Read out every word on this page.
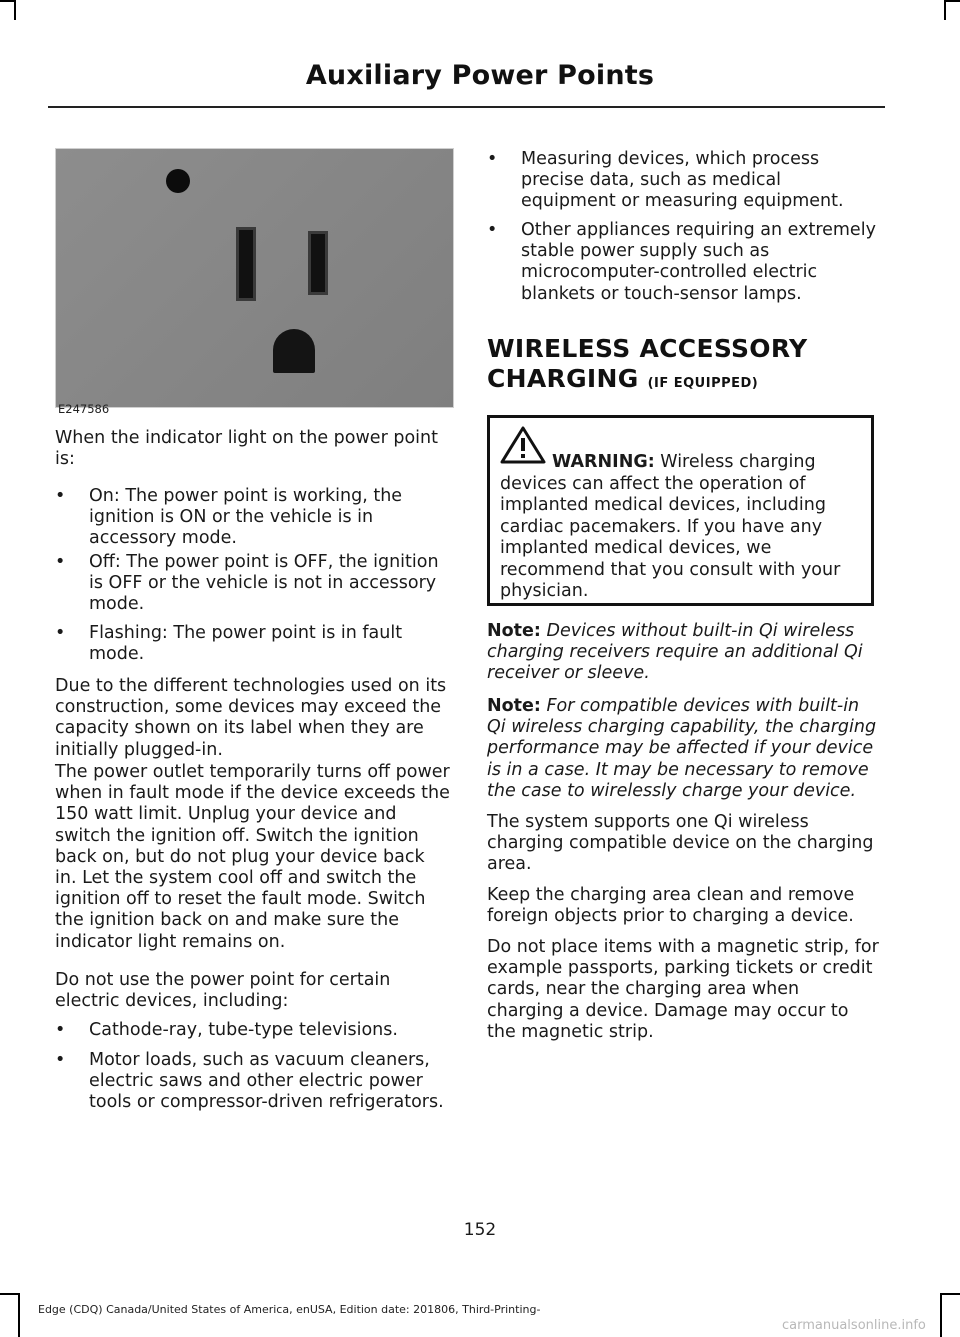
Auxiliary Power Points
E247586

When the indicator light on the power point is:

• On: The power point is working, the ignition is ON or the vehicle is in accessory mode.
• Off: The power point is OFF, the ignition is OFF or the vehicle is not in accessory mode.
• Flashing: The power point is in fault mode.

Due to the different technologies used on its construction, some devices may exceed the capacity shown on its label when they are initially plugged-in.

The power outlet temporarily turns off power when in fault mode if the device exceeds the 150 watt limit. Unplug your device and switch the ignition off. Switch the ignition back on, but do not plug your device back in. Let the system cool off and switch the ignition off to reset the fault mode. Switch the ignition back on and make sure the indicator light remains on.

Do not use the power point for certain electric devices, including:

• Cathode-ray, tube-type televisions.
• Motor loads, such as vacuum cleaners, electric saws and other electric power tools or compressor-driven refrigerators.
• Measuring devices, which process precise data, such as medical equipment or measuring equipment.
• Other appliances requiring an extremely stable power supply such as microcomputer-controlled electric blankets or touch-sensor lamps.
WIRELESS ACCESSORY
CHARGING (IF EQUIPPED)
WARNING: Wireless charging devices can affect the operation of implanted medical devices, including cardiac pacemakers. If you have any implanted medical devices, we recommend that you consult with your physician.

Note: Devices without built-in Qi wireless charging receivers require an additional Qi receiver or sleeve.

Note: For compatible devices with built-in Qi wireless charging capability, the charging performance may be affected if your device is in a case. It may be necessary to remove the case to wirelessly charge your device.

The system supports one Qi wireless charging compatible device on the charging area.

Keep the charging area clean and remove foreign objects prior to charging a device.

Do not place items with a magnetic strip, for example passports, parking tickets or credit cards, near the charging area when charging a device. Damage may occur to the magnetic strip.

152
Edge (CDQ) Canada/United States of America, enUSA, Edition date: 201806, Third-Printing-
carmanualsonline.info
